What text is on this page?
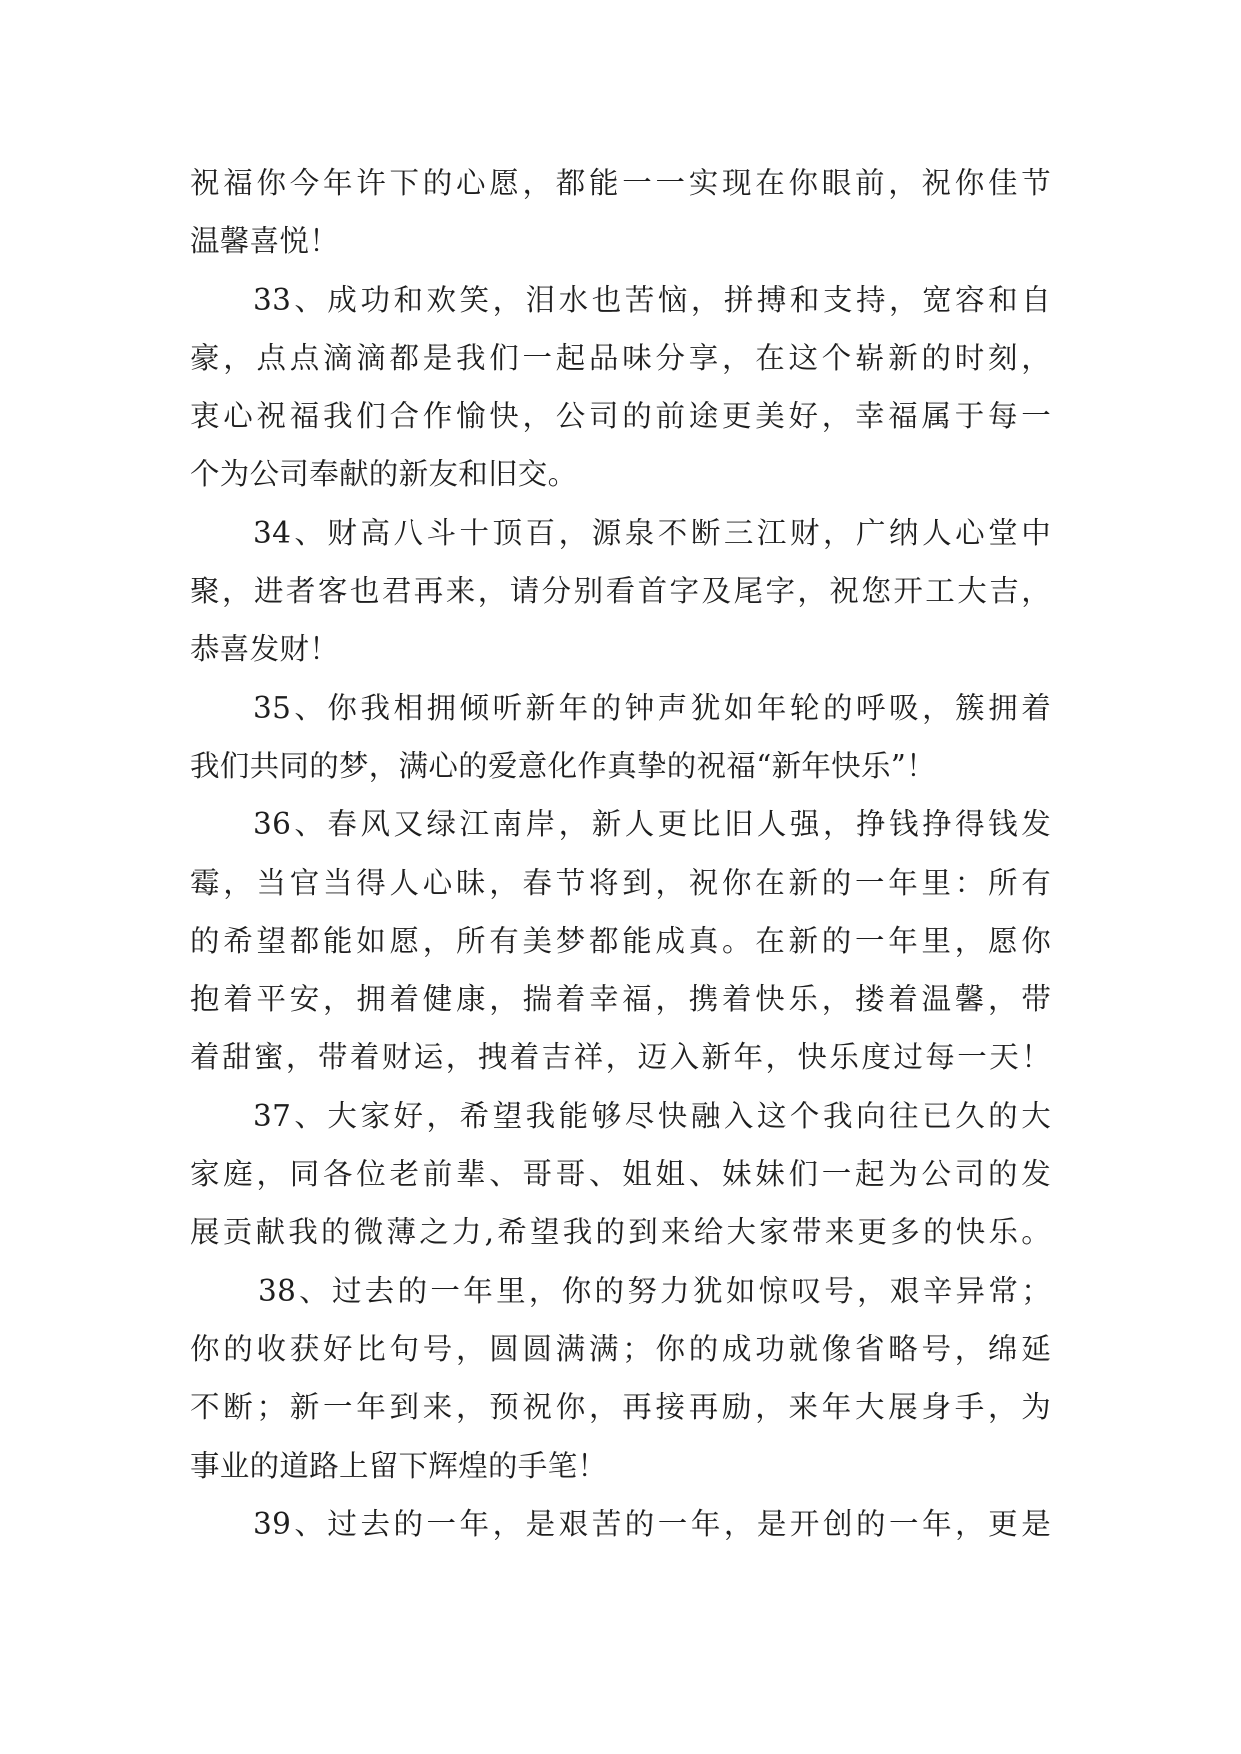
祝福你今年许下的心愿，都能一一实现在你眼前，祝你佳节
温馨喜悦！
33、成功和欢笑，泪水也苦恼，拼搏和支持，宽容和自
豪，点点滴滴都是我们一起品味分享，在这个崭新的时刻，
衷心祝福我们合作愉快，公司的前途更美好，幸福属于每一
个为公司奉献的新友和旧交。
34、财高八斗十顶百，源泉不断三江财，广纳人心堂中
聚，进者客也君再来，请分别看首字及尾字，祝您开工大吉，
恭喜发财！
35、你我相拥倾听新年的钟声犹如年轮的呼吸，簇拥着
我们共同的梦，满心的爱意化作真挚的祝福“新年快乐”！
36、春风又绿江南岸，新人更比旧人强，挣钱挣得钱发
霉，当官当得人心昧，春节将到，祝你在新的一年里：所有
的希望都能如愿，所有美梦都能成真。在新的一年里，愿你
抱着平安，拥着健康，揣着幸福，携着快乐，搂着温馨，带
着甜蜜，带着财运，拽着吉祥，迈入新年，快乐度过每一天！
37、大家好，希望我能够尽快融入这个我向往已久的大
家庭，同各位老前辈、哥哥、姐姐、妹妹们一起为公司的发
展贡献我的微薄之力,希望我的到来给大家带来更多的快乐。
38、过去的一年里，你的努力犹如惊叹号，艰辛异常；
你的收获好比句号，圆圆满满；你的成功就像省略号，绵延
不断；新一年到来，预祝你，再接再励，来年大展身手，为
事业的道路上留下辉煌的手笔！
39、过去的一年，是艰苦的一年，是开创的一年，更是
